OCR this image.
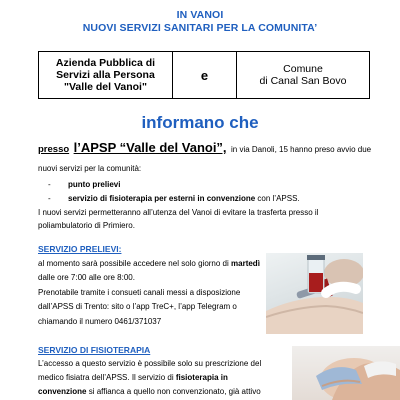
IN VANOI
NUOVI SERVIZI SANITARI PER LA COMUNITA’
Azienda Pubblica di Servizi alla Persona "Valle del Vanoi"
e	Comune
di Canal San Bovo
informano che
presso l’APSP “Valle del Vanoi”, in via Danoli, 15 hanno preso avvio due
nuovi servizi per la comunità:
- punto prelievi
- servizio di fisioterapia per esterni in convenzione con l’APSS.
I nuovi servizi permetteranno all’utenza del Vanoi di evitare la trasferta presso il
poliambulatorio di Primiero.
SERVIZIO PRELIEVI:
al momento sarà possibile accedere nel solo giorno di martedì
dalle ore 7:00 alle ore 8:00.
Prenotabile tramite i consueti canali messi a disposizione
dall’APSS di Trento: sito o l’app TreC+, l’app Telegram o
chiamando il numero 0461/371037
SERVIZIO DI FISIOTERAPIA
L’accesso a questo servizio è possibile solo su prescrizione del
medico fisiatra dell’APSS. Il servizio di fisioterapia in
convenzione si affianca a quello non convenzionato, già attivo
